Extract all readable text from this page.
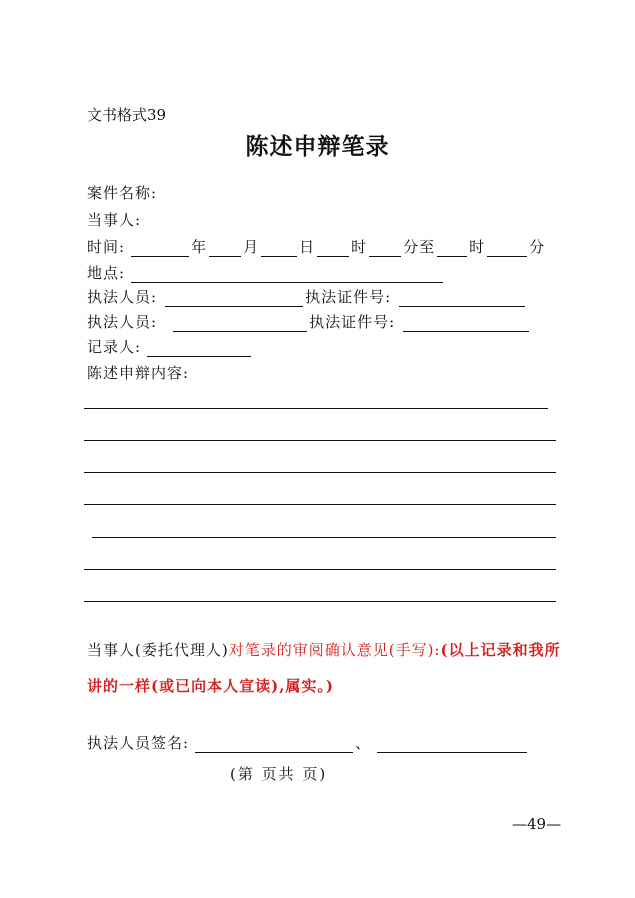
文书格式39
陈述申辩笔录
案件名称:
当事人:
时间:	年 月	日 时 分至 时	分
地点:
执法人员:	执法证件号:
执法人员:	执法证件号:
记录人:
陈述申辩内容:
当事人(委托代理人)对笔录的审阅确认意见(手写):(以上记录和我所讲的一样(或已向本人宣读),属实。)
执法人员签名:	、
(第 页共 页)
—49—
